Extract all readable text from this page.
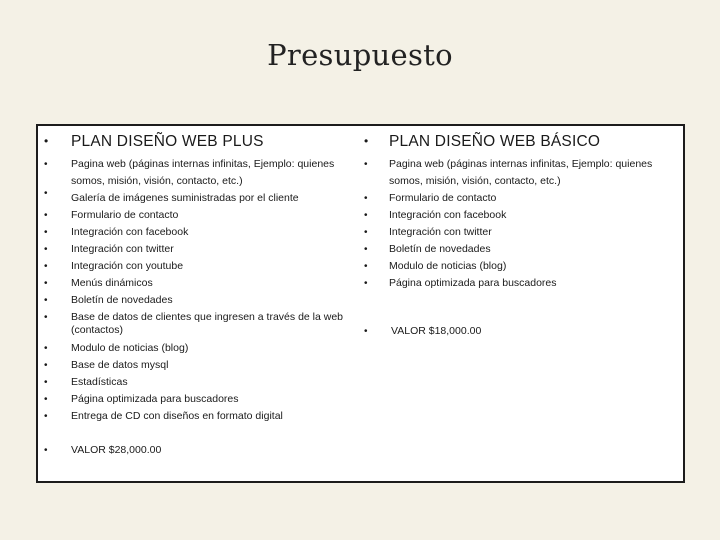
Presupuesto
•	PLAN DISEÑO WEB PLUS
•	Pagina web (páginas internas infinitas, Ejemplo: quienes
somos, misión, visión, contacto, etc.)
•	Galería de imágenes suministradas por el cliente
•	Formulario de contacto
•	Integración con facebook
•	Integración con twitter
•	Integración con youtube
•	Menús dinámicos
•	Boletín de novedades
•	Base de datos de clientes que ingresen a través de la web
(contactos)
•	Modulo de noticias (blog)
•	Base de datos mysql
•	Estadísticas
•	Página optimizada para buscadores
•	Entrega de CD con diseños en formato digital
•	VALOR $28,000.00
•	PLAN DISEÑO WEB BÁSICO
•	Pagina web (páginas internas infinitas, Ejemplo: quienes
somos, misión, visión, contacto, etc.)
•	Formulario de contacto
•	Integración con facebook
•	Integración con twitter
•	Boletín de novedades
•	Modulo de noticias (blog)
•	Página optimizada para buscadores
•	VALOR $18,000.00
